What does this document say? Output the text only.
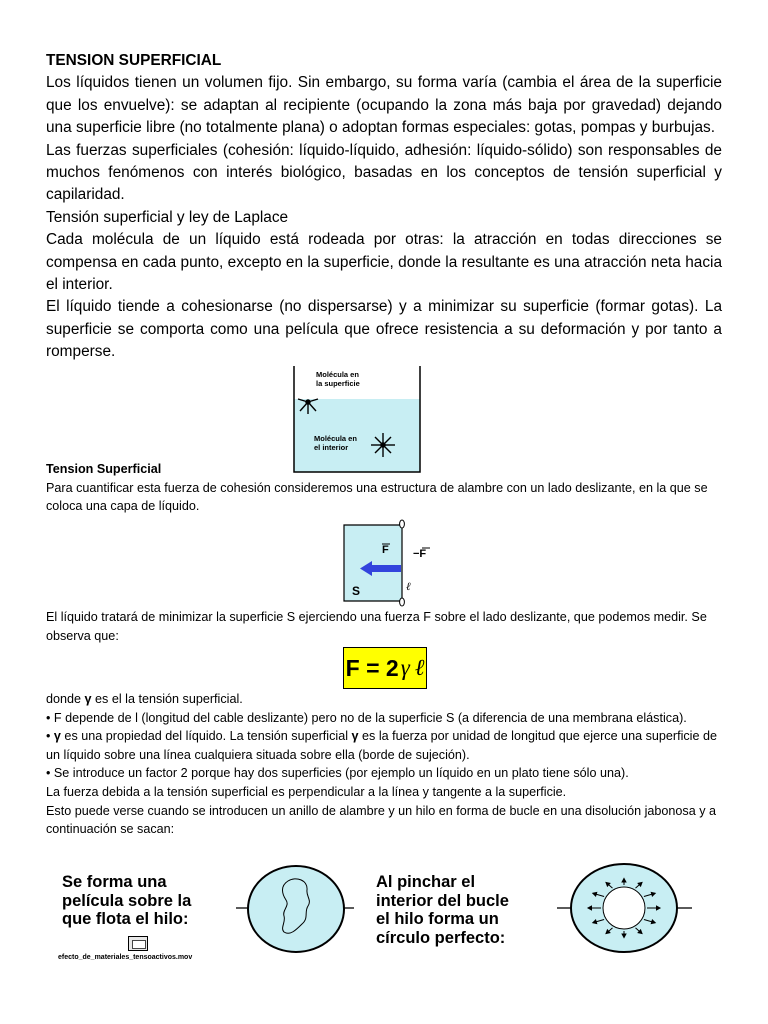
TENSION SUPERFICIAL

Los líquidos tienen un volumen fijo. Sin embargo, su forma varía (cambia el área de la superficie que los envuelve): se adaptan al recipiente (ocupando la zona más baja por gravedad) dejando una superficie libre (no totalmente plana) o adoptan formas especiales: gotas, pompas y burbujas.

Las fuerzas superficiales (cohesión: líquido-líquido, adhesión: líquido-sólido) son responsables de muchos fenómenos con interés biológico, basadas en los conceptos de tensión superficial y capilaridad.

Tensión superficial y ley de Laplace

Cada molécula de un líquido está rodeada por otras: la atracción en todas direcciones se compensa en cada punto, excepto en la superficie, donde la resultante es una atracción neta hacia el interior.

El líquido tiende a cohesionarse (no dispersarse) y a minimizar su superficie (formar gotas). La superficie se comporta como una película que ofrece resistencia a su deformación y por tanto a romperse.

Molécula en
la superficie
Molécula en
el interior

Tension Superficial

Para cuantificar esta fuerza de cohesión consideremos una estructura de alambre con un lado deslizante, en la que se coloca una capa de líquido.

F −F
S	ℓ

El líquido tratará de minimizar la superficie S ejerciendo una fuerza F sobre el lado deslizante, que podemos medir. Se observa que:

F = 2 γ ℓ

donde γ es el la tensión superficial.

• F depende de l (longitud del cable deslizante) pero no de la superficie S (a diferencia de una membrana elástica).

• γ es una propiedad del líquido. La tensión superficial γ es la fuerza por unidad de longitud que ejerce una superficie de un líquido sobre una línea cualquiera situada sobre ella (borde de sujeción).

• Se introduce un factor 2 porque hay dos superficies (por ejemplo un líquido en un plato tiene sólo una).

La fuerza debida a la tensión superficial es perpendicular a la línea y tangente a la superficie.

Esto puede verse cuando se introducen un anillo de alambre y un hilo en forma de bucle en una disolución jabonosa y a continuación se sacan:

Se forma una
película sobre la
que flota el hilo:
efecto_de_materiales_tensoactivos.mov
Al pinchar el
interior del bucle
el hilo forma un
círculo perfecto:
